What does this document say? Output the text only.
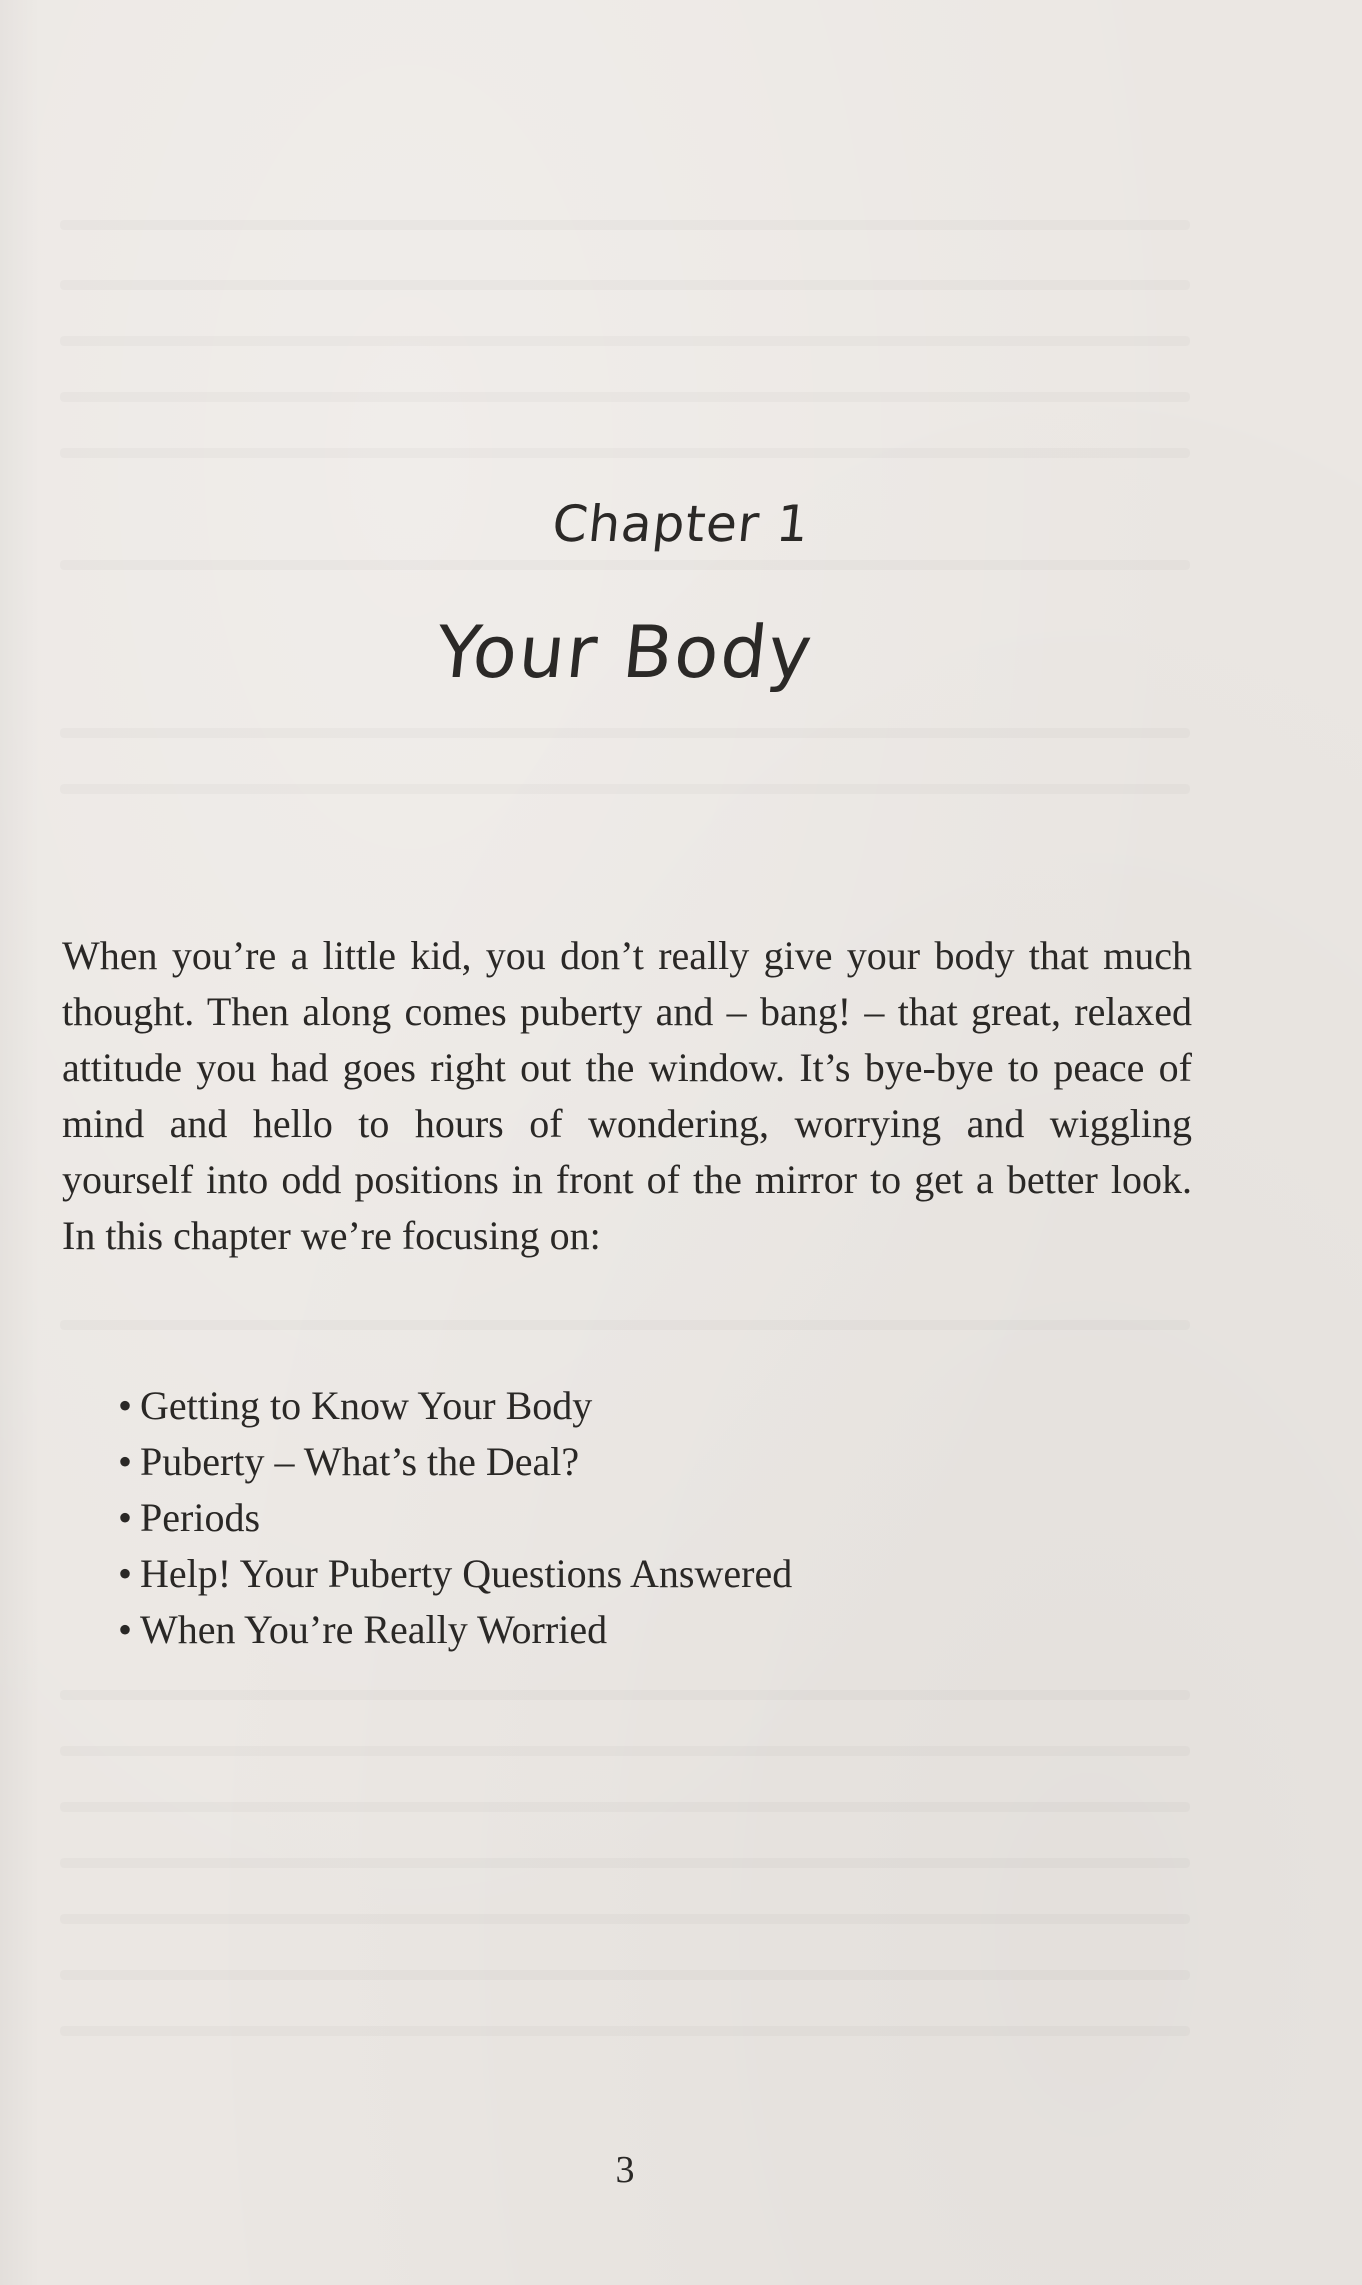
Chapter 1
Your Body

When you’re a little kid, you don’t really give your body that much thought. Then along comes puberty and – bang! – that great, relaxed attitude you had goes right out the window. It’s bye-bye to peace of mind and hello to hours of wondering, worrying and wiggling yourself into odd positions in front of the mirror to get a better look. In this chapter we’re focusing on:

• Getting to Know Your Body
• Puberty – What’s the Deal?
• Periods
• Help! Your Puberty Questions Answered
• When You’re Really Worried
3
